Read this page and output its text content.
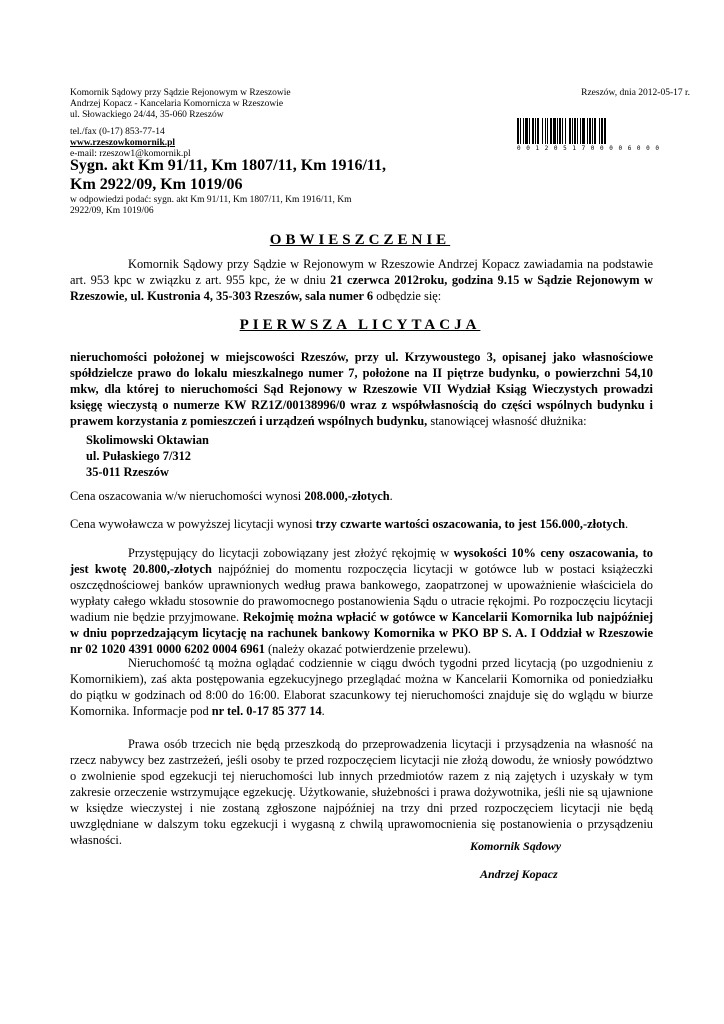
Komornik Sądowy przy Sądzie Rejonowym w Rzeszowie
Andrzej Kopacz - Kancelaria Komornicza w Rzeszowie
ul. Słowackiego 24/44, 35-060 Rzeszów
tel./fax (0-17) 853-77-14
www.rzeszowkomornik.pl
e-mail: rzeszow1@komornik.pl
Rzeszów, dnia 2012-05-17 r.
0 0 1 2 0 5 1 7 0 0 0 0 6 0 0 0
Sygn. akt Km 91/11, Km 1807/11, Km 1916/11,
Km 2922/09, Km 1019/06
w odpowiedzi podać: sygn. akt Km 91/11, Km 1807/11, Km 1916/11, Km
2922/09, Km 1019/06
OBWIESZCZENIE
Komornik Sądowy przy Sądzie w Rejonowym w Rzeszowie Andrzej Kopacz zawiadamia na podstawie art. 953 kpc w związku z art. 955 kpc, że w dniu 21 czerwca 2012roku, godzina 9.15 w Sądzie Rejonowym w Rzeszowie, ul. Kustronia 4, 35-303 Rzeszów, sala numer 6 odbędzie się:
PIERWSZA LICYTACJA
nieruchomości położonej w miejscowości Rzeszów, przy ul. Krzywoustego 3, opisanej jako własnościowe spółdzielcze prawo do lokalu mieszkalnego numer 7, położone na II piętrze budynku, o powierzchni 54,10 mkw, dla której to nieruchomości Sąd Rejonowy w Rzeszowie VII Wydział Ksiąg Wieczystych prowadzi księgę wieczystą o numerze KW RZ1Z/00138996/0 wraz z współwłasnością do części wspólnych budynku i prawem korzystania z pomieszczeń i urządzeń wspólnych budynku, stanowiącej własność dłużnika:
Skolimowski Oktawian
ul. Pułaskiego 7/312
35-011 Rzeszów
Cena oszacowania w/w nieruchomości wynosi 208.000,-złotych.
Cena wywoławcza w powyższej licytacji wynosi trzy czwarte wartości oszacowania, to jest 156.000,-złotych.
Przystępujący do licytacji zobowiązany jest złożyć rękojmię w wysokości 10% ceny oszacowania, to jest kwotę 20.800,-złotych najpóźniej do momentu rozpoczęcia licytacji w gotówce lub w postaci książeczki oszczędnościowej banków uprawnionych według prawa bankowego, zaopatrzonej w upoważnienie właściciela do wypłaty całego wkładu stosownie do prawomocnego postanowienia Sądu o utracie rękojmi. Po rozpoczęciu licytacji wadium nie będzie przyjmowane. Rekojmię można wpłacić w gotówce w Kancelarii Komornika lub najpóźniej w dniu poprzedzającym licytację na rachunek bankowy Komornika w PKO BP S. A. I Oddział w Rzeszowie nr 02 1020 4391 0000 6202 0004 6961 (należy okazać potwierdzenie przelewu).
Nieruchomość tą można oglądać codziennie w ciągu dwóch tygodni przed licytacją (po uzgodnieniu z Komornikiem), zaś akta postępowania egzekucyjnego przeglądać można w Kancelarii Komornika od poniedziałku do piątku w godzinach od 8:00 do 16:00. Elaborat szacunkowy tej nieruchomości znajduje się do wglądu w biurze Komornika. Informacje pod nr tel. 0-17 85 377 14.
Prawa osób trzecich nie będą przeszkodą do przeprowadzenia licytacji i przysądzenia na własność na rzecz nabywcy bez zastrzeżeń, jeśli osoby te przed rozpoczęciem licytacji nie złożą dowodu, że wniosły powództwo o zwolnienie spod egzekucji tej nieruchomości lub innych przedmiotów razem z nią zajętych i uzyskały w tym zakresie orzeczenie wstrzymujące egzekucję. Użytkowanie, służebności i prawa dożywotnika, jeśli nie są ujawnione w księdze wieczystej i nie zostaną zgłoszone najpóźniej na trzy dni przed rozpoczęciem licytacji nie będą uwzględniane w dalszym toku egzekucji i wygasną z chwilą uprawomocnienia się postanowienia o przysądzeniu własności.	Komornik Sądowy
Andrzej Kopacz
